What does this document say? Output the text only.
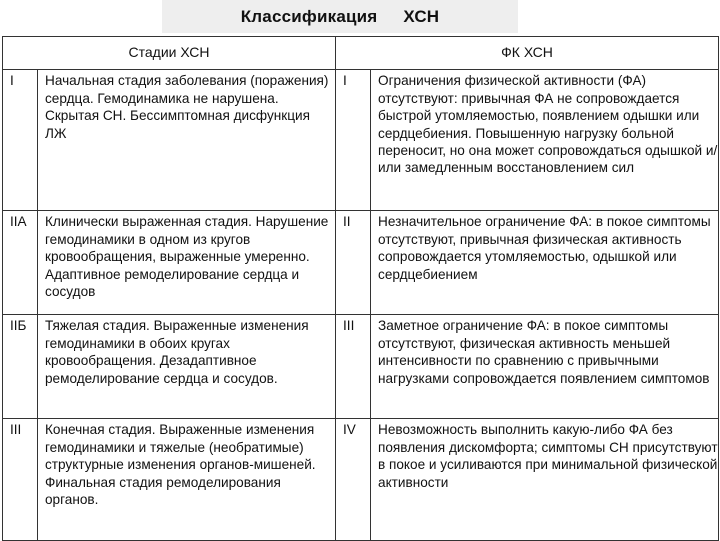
Классификация ХСН
Стадии ХСН		ФК ХСН	
I	Начальная стадия заболевания (поражения) сердца. Гемодинамика не нарушена. Скрытая СН. Бессимптомная дисфункция ЛЖ	I	Ограничения физической активности (ФА) отсутствуют: привычная ФА не сопровождается быстрой утомляемостью, появлением одышки или сердцебиения. Повышенную нагрузку больной переносит, но она может сопровождаться одышкой и/или замедленным восстановлением сил
IIA	Клинически выраженная стадия. Нарушение гемодинамики в одном из кругов кровообращения, выраженные умеренно. Адаптивное ремоделирование сердца и сосудов	II	Незначительное ограничение ФА: в покое симптомы отсутствуют, привычная физическая активность сопровождается утомляемостью, одышкой или сердцебиением
IIБ	Тяжелая стадия. Выраженные изменения гемодинамики в обоих кругах кровообращения. Дезадаптивное ремоделирование сердца и сосудов.	III	Заметное ограничение ФА: в покое симптомы отсутствуют, физическая активность меньшей интенсивности по сравнению с привычными нагрузками сопровождается появлением симптомов
III	Конечная стадия. Выраженные изменения гемодинамики и тяжелые (необратимые) структурные изменения органов-мишеней. Финальная стадия ремоделирования органов.	IV	Невозможность выполнить какую-либо ФА без появления дискомфорта; симптомы СН присутствуют в покое и усиливаются при минимальной физической активности
